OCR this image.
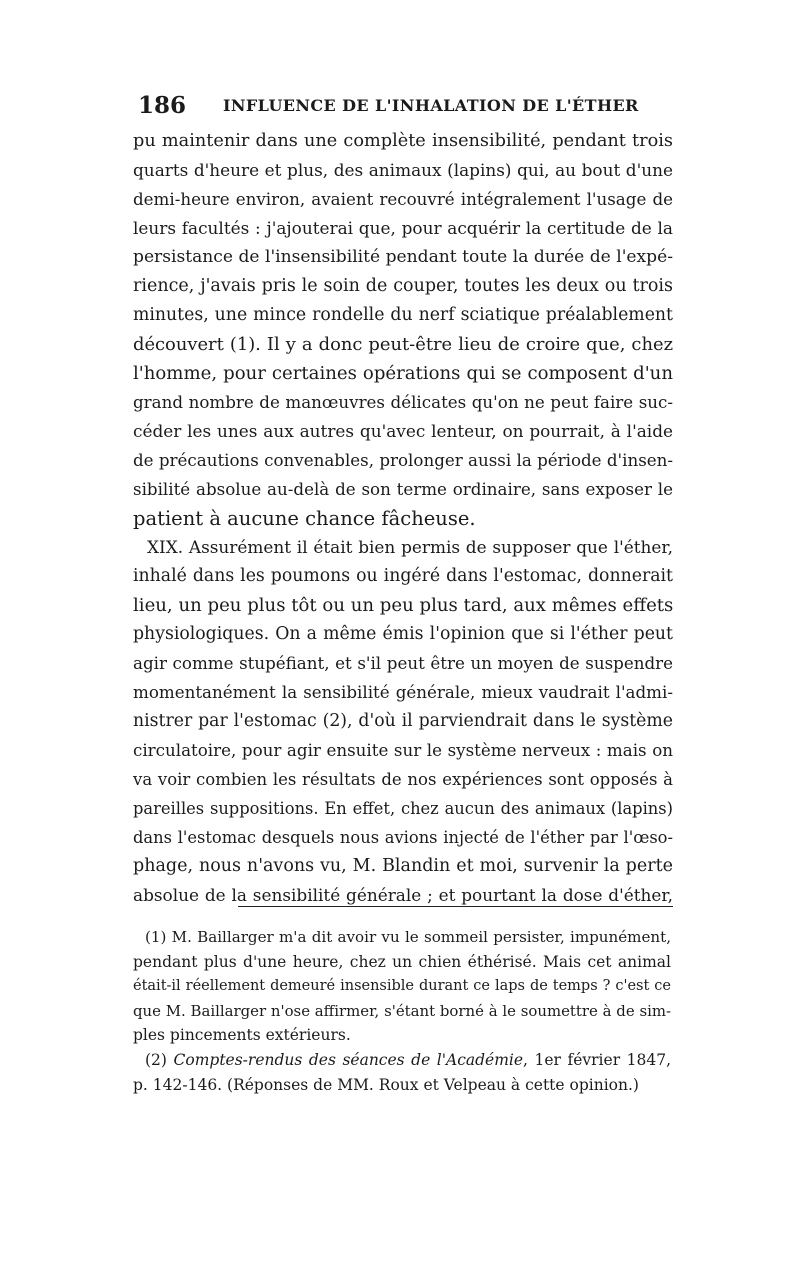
186 INFLUENCE DE L'INHALATION DE L'ÉTHER
pu maintenir dans une complète insensibilité, pendant trois
quarts d'heure et plus, des animaux (lapins) qui, au bout d'une
demi-heure environ, avaient recouvré intégralement l'usage de
leurs facultés : j'ajouterai que, pour acquérir la certitude de la
persistance de l'insensibilité pendant toute la durée de l'expé-
rience, j'avais pris le soin de couper, toutes les deux ou trois
minutes, une mince rondelle du nerf sciatique préalablement
découvert (1). Il y a donc peut-être lieu de croire que, chez
l'homme, pour certaines opérations qui se composent d'un
grand nombre de manœuvres délicates qu'on ne peut faire suc-
céder les unes aux autres qu'avec lenteur, on pourrait, à l'aide
de précautions convenables, prolonger aussi la période d'insen-
sibilité absolue au-delà de son terme ordinaire, sans exposer le
patient à aucune chance fâcheuse.
XIX. Assurément il était bien permis de supposer que l'éther,
inhalé dans les poumons ou ingéré dans l'estomac, donnerait
lieu, un peu plus tôt ou un peu plus tard, aux mêmes effets
physiologiques. On a même émis l'opinion que si l'éther peut
agir comme stupéfiant, et s'il peut être un moyen de suspendre
momentanément la sensibilité générale, mieux vaudrait l'admi-
nistrer par l'estomac (2), d'où il parviendrait dans le système
circulatoire, pour agir ensuite sur le système nerveux : mais on
va voir combien les résultats de nos expériences sont opposés à
pareilles suppositions. En effet, chez aucun des animaux (lapins)
dans l'estomac desquels nous avions injecté de l'éther par l'œso-
phage, nous n'avons vu, M. Blandin et moi, survenir la perte
absolue de la sensibilité générale ; et pourtant la dose d'éther,
(1) M. Baillarger m'a dit avoir vu le sommeil persister, impunément,
pendant plus d'une heure, chez un chien éthérisé. Mais cet animal
était-il réellement demeuré insensible durant ce laps de temps ? c'est ce
que M. Baillarger n'ose affirmer, s'étant borné à le soumettre à de sim-
ples pincements extérieurs.
(2) Comptes-rendus des séances de l'Académie, 1er février 1847,
p. 142-146. (Réponses de MM. Roux et Velpeau à cette opinion.)
